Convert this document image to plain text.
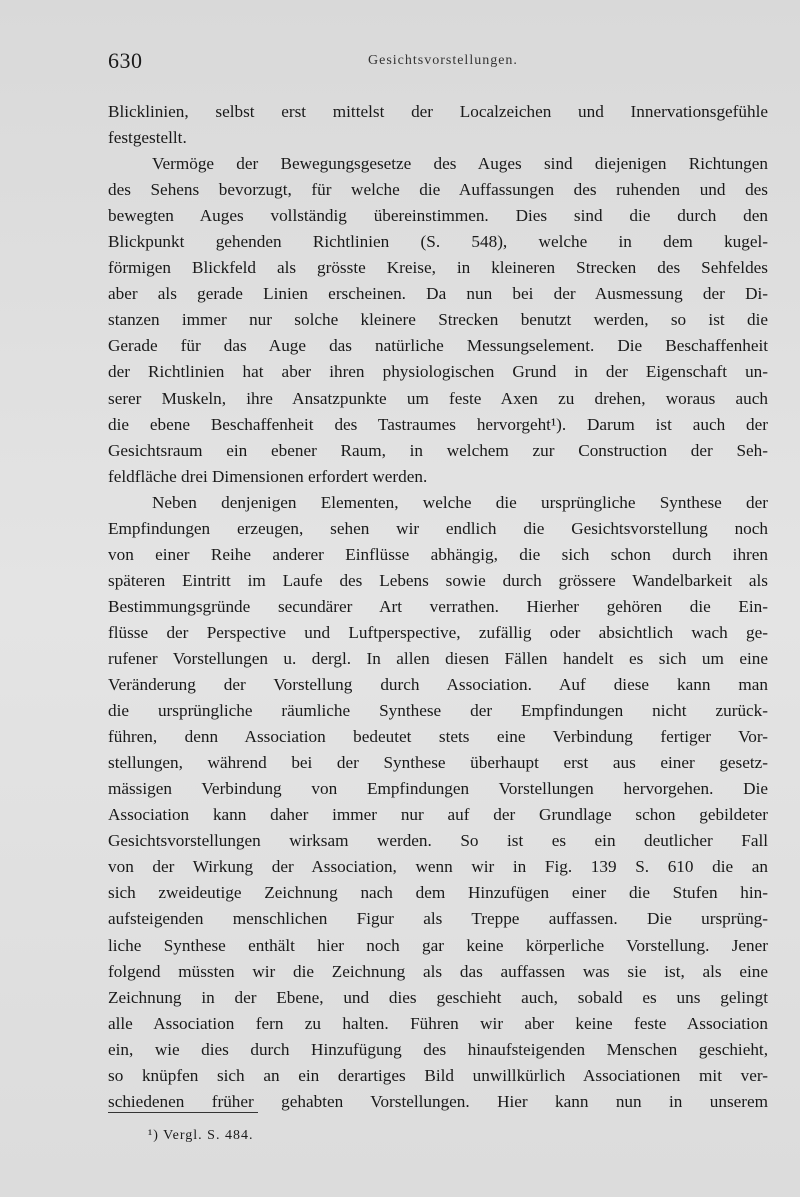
630	Gesichtsvorstellungen.
Blicklinien, selbst erst mittelst der Localzeichen und Innervationsgefühle
festgestellt.
Vermöge der Bewegungsgesetze des Auges sind diejenigen Richtungen
des Sehens bevorzugt, für welche die Auffassungen des ruhenden und des
bewegten Auges vollständig übereinstimmen. Dies sind die durch den
Blickpunkt gehenden Richtlinien (S. 548), welche in dem kugel-
förmigen Blickfeld als grösste Kreise, in kleineren Strecken des Sehfeldes
aber als gerade Linien erscheinen. Da nun bei der Ausmessung der Di-
stanzen immer nur solche kleinere Strecken benutzt werden, so ist die
Gerade für das Auge das natürliche Messungselement. Die Beschaffenheit
der Richtlinien hat aber ihren physiologischen Grund in der Eigenschaft un-
serer Muskeln, ihre Ansatzpunkte um feste Axen zu drehen, woraus auch
die ebene Beschaffenheit des Tastraumes hervorgeht¹). Darum ist auch der
Gesichtsraum ein ebener Raum, in welchem zur Construction der Seh-
feldfläche drei Dimensionen erfordert werden.
Neben denjenigen Elementen, welche die ursprüngliche Synthese der
Empfindungen erzeugen, sehen wir endlich die Gesichtsvorstellung noch
von einer Reihe anderer Einflüsse abhängig, die sich schon durch ihren
späteren Eintritt im Laufe des Lebens sowie durch grössere Wandelbarkeit als
Bestimmungsgründe secundärer Art verrathen. Hierher gehören die Ein-
flüsse der Perspective und Luftperspective, zufällig oder absichtlich wach ge-
rufener Vorstellungen u. dergl. In allen diesen Fällen handelt es sich um eine
Veränderung der Vorstellung durch Association. Auf diese kann man
die ursprüngliche räumliche Synthese der Empfindungen nicht zurück-
führen, denn Association bedeutet stets eine Verbindung fertiger Vor-
stellungen, während bei der Synthese überhaupt erst aus einer gesetz-
mässigen Verbindung von Empfindungen Vorstellungen hervorgehen. Die
Association kann daher immer nur auf der Grundlage schon gebildeter
Gesichtsvorstellungen wirksam werden. So ist es ein deutlicher Fall
von der Wirkung der Association, wenn wir in Fig. 139 S. 610 die an
sich zweideutige Zeichnung nach dem Hinzufügen einer die Stufen hin-
aufsteigenden menschlichen Figur als Treppe auffassen. Die ursprüng-
liche Synthese enthält hier noch gar keine körperliche Vorstellung. Jener
folgend müssten wir die Zeichnung als das auffassen was sie ist, als eine
Zeichnung in der Ebene, und dies geschieht auch, sobald es uns gelingt
alle Association fern zu halten. Führen wir aber keine feste Association
ein, wie dies durch Hinzufügung des hinaufsteigenden Menschen geschieht,
so knüpfen sich an ein derartiges Bild unwillkürlich Associationen mit ver-
schiedenen früher gehabten Vorstellungen. Hier kann nun in unserem
¹) Vergl. S. 484.
